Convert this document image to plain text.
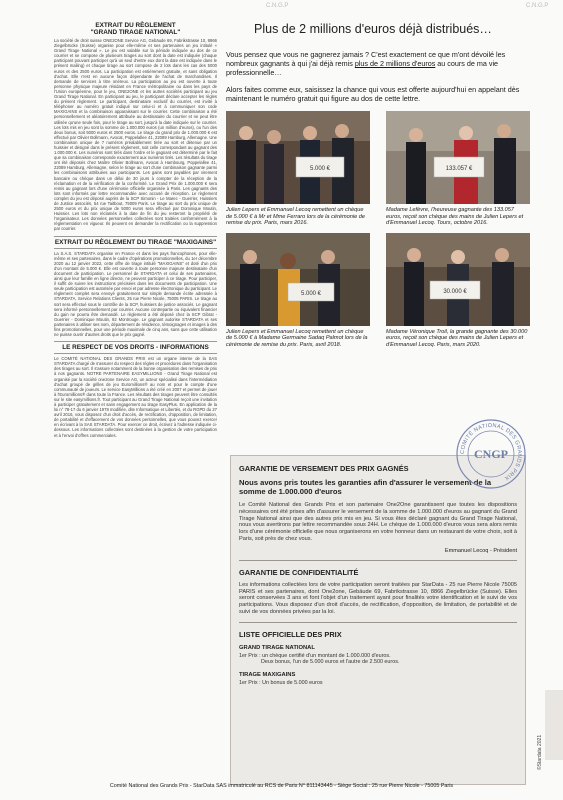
C.N.G.P	C.N.G.P
EXTRAIT DU RÈGLEMENT
"GRAND TIRAGE NATIONAL"

La société de droit suisse ONE2ONE Service AG, Gebäude 69, Fabrikstrasse 10, 8866 Ziegelbrücke (Suisse) organise pour elle-même et ses partenaires un jeu intitulé « Grand Tirage National ». Le jeu est valable sur la période indiquée au dos de ce courrier et se compose de plusieurs tirages au sort dont la date est indiquée (chaque participant pouvant participer qu'à un seul d'entre eux dont la date est indiquée dans le présent mailing) et chaque tirage au sort compose de 2 lots dans les cas des 5000 euros et des 2500 euros. La participation est entièrement gratuite, et sans obligation d'achat. Elle n'est en aucune façon dépendante de l'achat de marchandises. Il demande de services à titre onéreux. La participation au jeu est ouverte à toute personne physique majeure résidant en France métropolitaine ou dans les pays de l'Union européenne, pour le jeu, ONE2ONE et les autres sociétés participant au jeu Grand Tirage National. En participant au jeu, le participant déclare accepter les règles du présent règlement. Le participant, destinataire exclusif du courrier, est invité à téléphoner au numéro gratuit indiqué sur celui-ci et à communiquer son code MAXIGAINS et la combinaison apparaissant sur le courrier. Cette combinaison a été personnellement et aléatoirement attribuée au destinataire du courrier et ne peut être utilisée qu'une seule fois, pour le tirage au sort, jusqu'à la date indiquée sur le courrier. Les lots mis en jeu sont la somme de 1.000.000 euros (un million d'euros), ou l'un des deux bonus, soit 5000 euros et 2500 euros. Le tirage du grand prix de 1.000.000 € est effectué par Olivier Bollmann, Avocat, Poppelallee 41, 22089 Hamburg, Allemagne. Une combinaison unique de 7 numéros préalablement tirée au sort et détenue par un huissier et désigné dans le présent règlement, soit celle correspondant au gagnant des 1.000.000 €. Les numéros sont tirés dans l'ordre et le gagnant est déterminé par le fait que sa combinaison corresponde exactement aux numéros tirés. Les résultats du tirage ont été déposés chez Maître Olivier Bollmann, Avocat à Hambourg, Poppelallee 41, 22089 Hamburg, Allemagne, selon le tirage au sort d'une combinaison gagnante parmi les combinaisons attribuées aux participants. Les gains sont payables par virement bancaire ou chèque dans un délai de 30 jours à compter de la réception de la réclamation et de la vérification de la conformité. Le Grand Prix de 1.000.000 € sera remis au gagnant lors d'une cérémonie officielle organisée à Paris. Les gagnants des lots sont informés par lettre recommandée avec accusé de réception. Le règlement complet du jeu est déposé auprès de la SCP Simonin - Le Marec - Guerrier, Huissiers de Justice associés, 54 rue Taitbout, 75009 Paris. Le tirage au sort du prix unique de 2500 euros et du prix unique de 5000 euros sera effectué par Dominique Moutin, Huissier. Les lots non réclamés à la date de fin du jeu resteront la propriété de l'organisateur. Les données personnelles collectées sont traitées conformément à la réglementation en vigueur. Ils peuvent en demander la rectification ou la suppression par courrier.

EXTRAIT DU RÈGLEMENT DU TIRAGE "MAXIGAINS"

La S.A.S. STARDATA organise en France et dans les pays francophones, pour elle-même et ses partenaires, dans le cadre d'opérations promotionnelles, du 1er décembre 2020 au 12 janvier 2022, cette offre de tirage intitulé "MAXIGAINS" et doté d'un prix d'un montant de 5.000 €. Elle est ouverte à toute personne majeure destinataire d'un document de participation. Le personnel de STARDATA et celui de ses partenaires, ainsi que leur famille en ligne directe, ne peuvent participer à ce tirage. Pour participer, il suffit de suivre les instructions précisées dans les documents de participation. Une seule participation est autorisée par envoi et par adresse électronique du participant. Le règlement complet sera envoyé gratuitement sur simple demande écrite adressée à STARDATA, Service Relations Clients, 25 rue Pierre Nicole, 75005 PARIS. Le tirage au sort sera effectué sous le contrôle de la SCP, huissiers de justice associés. Le gagnant sera informé personnellement par courrier. Aucune contrepartie ou équivalent financier du gain ne pourra être demandé. Le règlement a été déposé chez la SCP Gibrat - Guerrier - Dominique Moutin, 92 Montrouge. Le gagnant autorise STARDATA et ses partenaires à utiliser ses nom, département de résidence, témoignages et images à des fins promotionnelles, pour une période maximale de cinq ans, sans que cette utilisation ne puisse ouvrir d'autres droits que le prix gagné.

LE RESPECT DE VOS DROITS - INFORMATIONS

Le COMITÉ NATIONAL DES GRANDS PRIX est un organe interne de la SAS STARDATA chargé de s'assurer du respect des règles et procédures dans l'organisation des tirages au sort. Il s'assure notamment de la bonne organisation des remises de prix à nos gagnants. NOTRE PARTENAIRE EASYMILLIONS - Grand Tirage National est organisé par la société one2one Service AG, un acteur spécialisé dans l'intermédiation d'achat groupé de grilles de jeu Euromillions® au nom et pour le compte d'une communauté de joueurs. Le service EasyMillions a été créé en 2007 et permet de jouer à l'Euromillions® dans toute la France. Les résultats des tirages peuvent être consultés sur le site easymillions.fr. Tout participant au Grand Tirage National reçoit une invitation à participer gratuitement et sans engagement au tirage EasyPlus. En application de la loi n° 78-17 du 6 janvier 1978 modifiée, dite Informatique et Libertés, et du RGPD du 27 avril 2016, vous disposez d'un droit d'accès, de rectification, d'opposition, de limitation, de portabilité et d'effacement de vos données personnelles, que vous pouvez exercer en écrivant à la SAS STARDATA. Pour exercer ce droit, écrivez à l'adresse indiquée ci-dessous. Les informations collectées sont destinées à la gestion de votre participation et à l'envoi d'offres commerciales.

Plus de 2 millions d'euros déjà distribués…

Vous pensez que vous ne gagnerez jamais ? C'est exactement ce que m'ont dévoilé les nombreux gagnants à qui j'ai déjà remis plus de 2 millions d'euros au cours de ma vie professionnelle…

Alors faites comme eux, saisissez la chance qui vous est offerte aujourd'hui en appelant dès maintenant le numéro gratuit qui figure au dos de cette lettre.

5.000 €

Julien Lepers et Emmanuel Lecoq remettent un chèque de 5.000 € à Mr et Mme Ferraro lors de la cérémonie de remise du prix. Paris, mars 2016.

133.057 €

Madame Lefèvre, l'heureuse gagnante des 133.057 euros, reçoit son chèque des mains de Julien Lepers et d'Emmanuel Lecoq. Tours, octobre 2016.

5.000 €

Julien Lepers et Emmanuel Lecoq remettent un chèque de 5.000 € à Madame Germaine Sadaq Palmot lors de la cérémonie de remise du prix. Paris, avril 2018.

30.000 €

Madame Véronique Troil, la grande gagnante des 30.000 euros, reçoit son chèque des mains de Julien Lepers et d'Emmanuel Lecoq. Paris, mars 2020.

GARANTIE DE VERSEMENT DES PRIX GAGNÉS

Nous avons pris toutes les garanties afin d'assurer le versement de la somme de 1.000.000 d'euros

Le Comité National des Grands Prix et son partenaire One2One garantissent que toutes les dispositions nécessaires ont été prises afin d'assurer le versement de la somme de 1.000.000 d'euros au gagnant du Grand Tirage National ainsi que des autres prix mis en jeu. Si vous êtes déclaré gagnant du Grand Tirage National, nous vous avertirons par lettre recommandée sous 24H. Le chèque de 1.000.000 d'euros vous sera alors remis lors d'une cérémonie officielle que nous organiserons en votre honneur dans un restaurant de votre choix, soit à Paris, soit près de chez vous.

Emmanuel Lecoq - Président
GARANTIE DE CONFIDENTIALITÉ

Les informations collectées lors de votre participation seront traitées par StarData - 25 rue Pierre Nicole 75005 PARIS et ses partenaires, dont One2one, Gebäude 69, Fabrikstrasse 10, 8866 Ziegelbrücke (Suisse). Elles seront conservées 3 ans et font l'objet d'un traitement ayant pour finalités votre identification et le suivi de vos participations. Vous disposez d'un droit d'accès, de rectification, d'opposition, de limitation, de portabilité et de suivi de vos données privées par la loi.

LISTE OFFICIELLE DES PRIX
GRAND TIRAGE NATIONAL

1er Prix : un chèque certifié d'un montant de 1.000.000 d'euros.

Deux bonus, l'un de 5.000 euros et l'autre de 2.500 euros.

TIRAGE MAXIGAINS

1er Prix : Un bonus de 5.000 euros

COMITÉ NATIONAL DES GRANDS PRIX
CNGP
©Stardata 2021
Comité National des Grands Prix - StarData SAS immatriculé au RCS de Paris N° 811143445 - Siège Social : 25 rue Pierre Nicole - 75005 Paris
